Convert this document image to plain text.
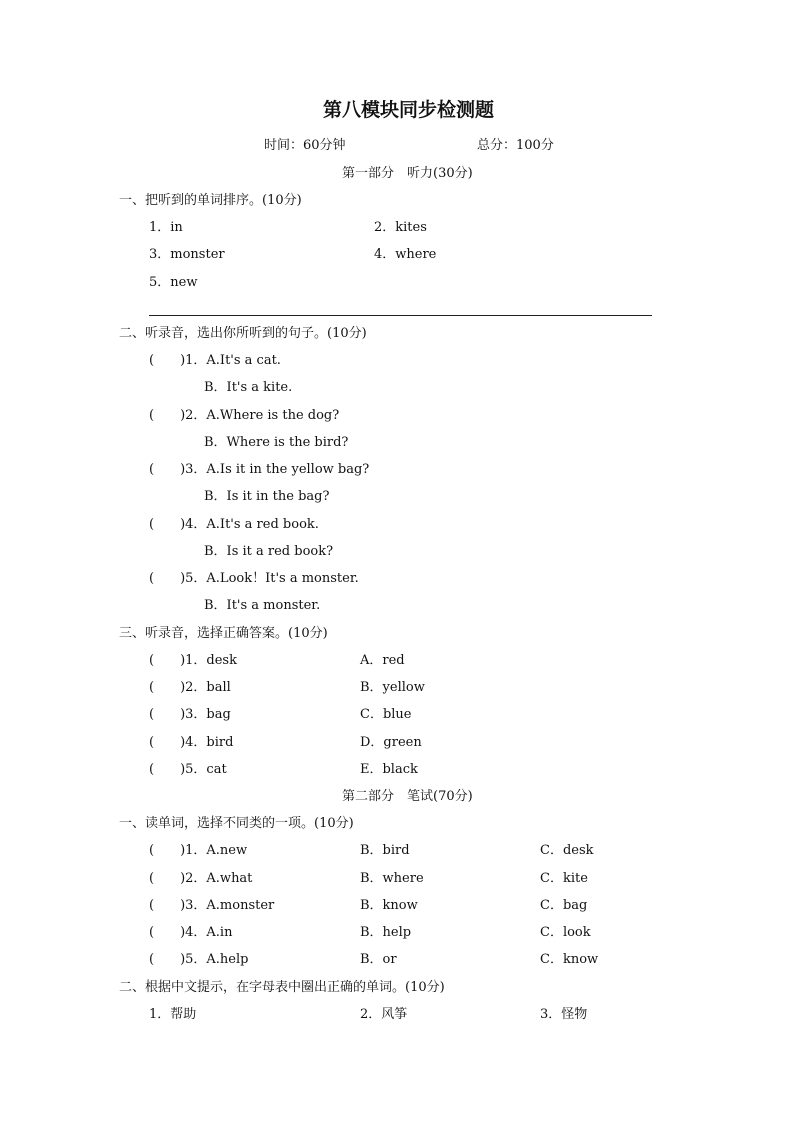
第八模块同步检测题
时间：60分钟	总分：100分
第一部分　听力(30分)
一、把听到的单词排序。(10分)
1．in	2．kites
3．monster	4．where
5．new
二、听录音，选出你所听到的句子。(10分)
(　　)1．A.It's a cat.
B．It's a kite.
(　　)2．A.Where is the dog?
B．Where is the bird?
(　　)3．A.Is it in the yellow bag?
B．Is it in the bag?
(　　)4．A.It's a red book.
B．Is it a red book?
(　　)5．A.Look！It's a monster.
B．It's a monster.
三、听录音，选择正确答案。(10分)
(　　)1．desk	A．red
(　　)2．ball	B．yellow
(　　)3．bag	C．blue
(　　)4．bird	D．green
(　　)5．cat	E．black
第二部分　笔试(70分)
一、读单词，选择不同类的一项。(10分)
(　　)1．A.new	B．bird	C．desk
(　　)2．A.what	B．where	C．kite
(　　)3．A.monster	B．know	C．bag
(　　)4．A.in	B．help	C．look
(　　)5．A.help	B．or	C．know
二、根据中文提示，在字母表中圈出正确的单词。(10分)
1．帮助	2．风筝	3．怪物
